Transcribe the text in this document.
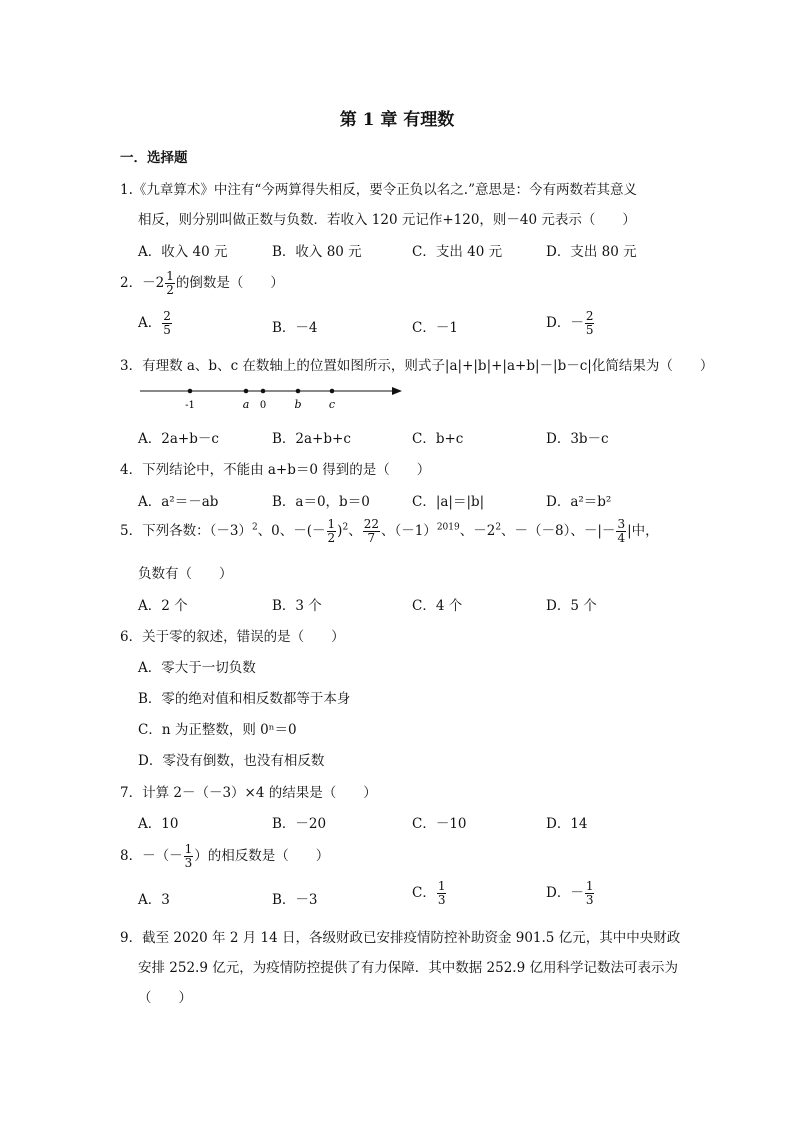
第 1 章 有理数
一．选择题
1.《九章算术》中注有“今两算得失相反，要令正负以名之.”意思是：今有两数若其意义
相反，则分别叫做正数与负数．若收入 120 元记作+120，则－40 元表示（　　）
A．收入 40 元	B．收入 80 元	C．支出 40 元	D．支出 80 元
2．$-2 \frac{1}{2}$ 的倒数是（　　）
A． $\frac{2}{5}$	B．－4	C．－1	D．－ $\frac{2}{5}$
3．有理数 a、b、c 在数轴上的位置如图所示，则式子|a|+|b|+|a+b|－|b－c|化简结果为（　　）
-1	a 0	b c
A．2a+b－c	B．2a+b+c	C．b+c	D．3b－c
4．下列结论中，不能由 a+b＝0 得到的是（　　）
A．a²＝－ab	B．a＝0，b＝0	C．|a|＝|b|	D．a²＝b²
5．下列各数：$(-3)^2$、0、－(－ $\frac{1}{2} )^2$、 $\frac{22}{7}$ 、$(-1)^{2019}$、$-2^2$、－（－8）、－|－ $\frac{3}{4}$ |中，
负数有（　　）
A．2 个	B．3 个	C．4 个	D．5 个
6．关于零的叙述，错误的是（　　）
A．零大于一切负数
B．零的绝对值和相反数都等于本身
C．n 为正整数，则 0ⁿ＝0
D．零没有倒数，也没有相反数
7．计算 2－（－3）×4 的结果是（　　）
A．10	B．－20	C．－10	D．14
8．－（－ $\frac{1}{3}$ ）的相反数是（　　）
A．3	B．－3	C． $\frac{1}{3}$	D．－ $\frac{1}{3}$
9．截至 2020 年 2 月 14 日，各级财政已安排疫情防控补助资金 901.5 亿元，其中中央财政
安排 252.9 亿元，为疫情防控提供了有力保障．其中数据 252.9 亿用科学记数法可表示为
（　　）
